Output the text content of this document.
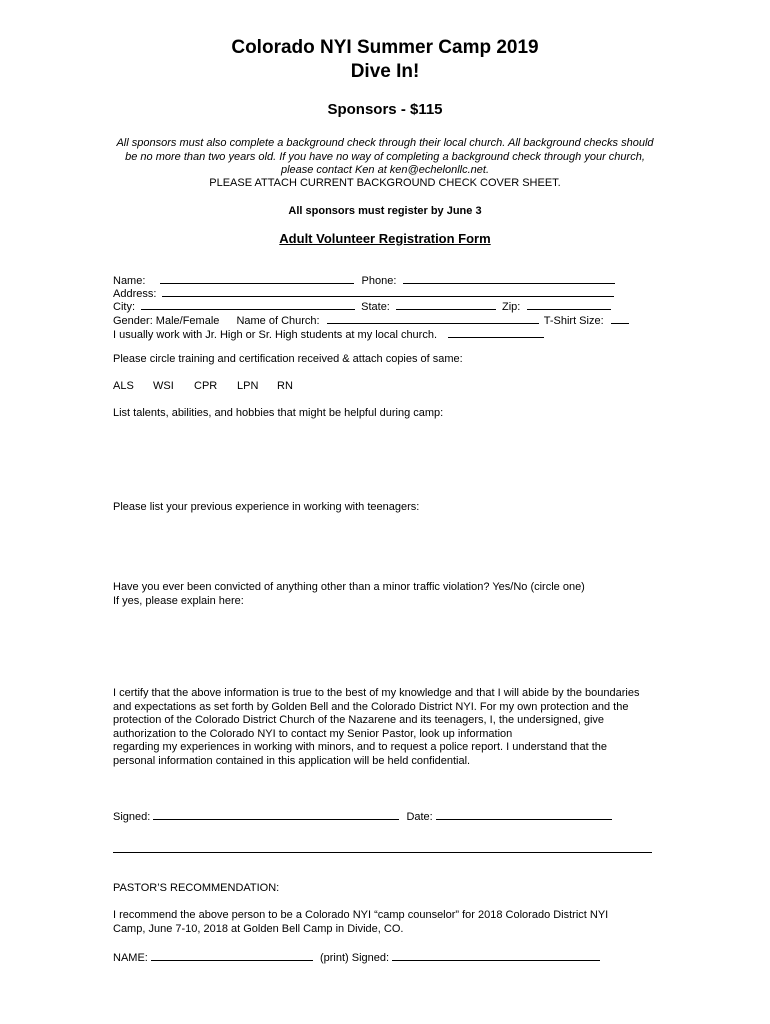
Colorado NYI Summer Camp 2019
Dive In!
Sponsors - $115
All sponsors must also complete a background check through their local church. All background checks should be no more than two years old. If you have no way of completing a background check through your church, please contact Ken at ken@echelonllc.net.
PLEASE ATTACH CURRENT BACKGROUND CHECK COVER SHEET.
All sponsors must register by June 3
Adult Volunteer Registration Form
Name:	Phone:
Address:
City:	State:	Zip:
Gender: Male/Female Name of Church:	T-Shirt Size:
I usually work with Jr. High or Sr. High students at my local church.
Please circle training and certification received & attach copies of same:
ALS WSI CPR LPN RN
List talents, abilities, and hobbies that might be helpful during camp:
Please list your previous experience in working with teenagers:
Have you ever been convicted of anything other than a minor traffic violation? Yes/No (circle one)
If yes, please explain here:
I certify that the above information is true to the best of my knowledge and that I will abide by the boundaries
and expectations as set forth by Golden Bell and the Colorado District NYI. For my own protection and the
protection of the Colorado District Church of the Nazarene and its teenagers, I, the undersigned, give
authorization to the Colorado NYI to contact my Senior Pastor, look up information
regarding my experiences in working with minors, and to request a police report. I understand that the
personal information contained in this application will be held confidential.
Signed:	Date:
PASTOR’S RECOMMENDATION:
I recommend the above person to be a Colorado NYI “camp counselor” for 2018 Colorado District NYI
Camp, June 7-10, 2018 at Golden Bell Camp in Divide, CO.
NAME:	(print) Signed:
